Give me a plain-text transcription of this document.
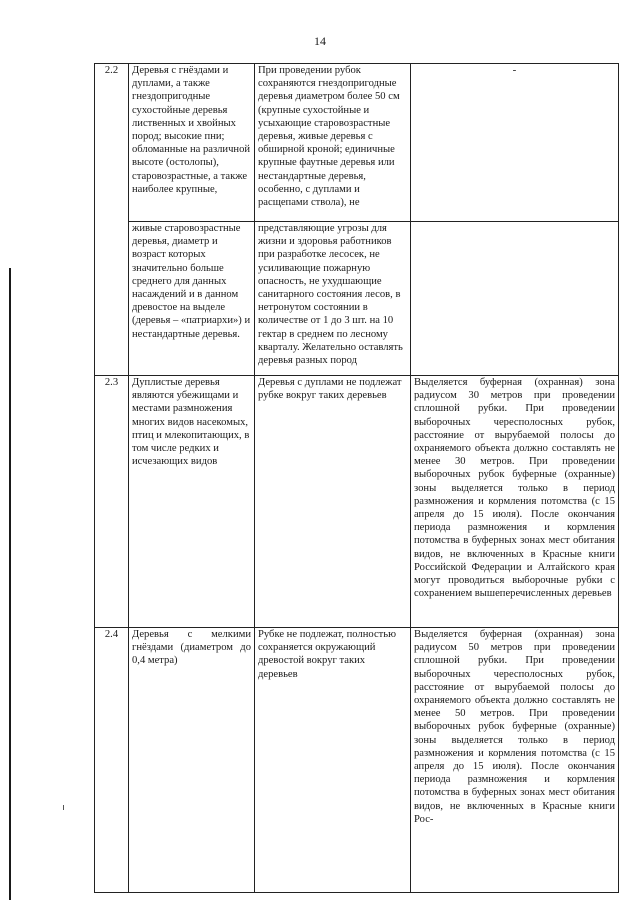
14
2.2	Деревья с гнёздами и дуплами, а также гнездопригодные сухостойные деревья лиственных и хвойных пород; высокие пни; обломанные на различной высоте (остолопы), старовозрастные, а также наиболее крупные,	При проведении рубок сохраняются гнездопригодные деревья диаметром более 50 см (крупные сухостойные и усыхающие старовозрастные деревья, живые деревья с обширной кроной; единичные крупные фаутные деревья или нестандартные деревья, особенно, с дуплами и расщепами ствола), не	-

	живые старовозрастные деревья, диаметр и возраст которых значительно больше среднего для данных насаждений и в данном древостое на выделе (деревья – «патриархи») и нестандартные деревья.	представляющие угрозы для жизни и здоровья работников при разработке лесосек, не усиливающие пожарную опасность, не ухудшающие санитарного состояния лесов, в нетронутом состоянии в количестве от 1 до 3 шт. на 10 гектар в среднем по лесному кварталу. Желательно оставлять деревья разных пород	

2.3	Дуплистые деревья являются убежищами и местами размножения многих видов насекомых, птиц и млекопитающих, в том числе редких и исчезающих видов	Деревья с дуплами не подлежат рубке вокруг таких деревьев	Выделяется буферная (охранная) зона радиусом 30 метров при проведении сплошной рубки. При проведении выборочных чересполосных рубок, расстояние от вырубаемой полосы до охраняемого объекта должно составлять не менее 30 метров. При проведении выборочных рубок буферные (охранные) зоны выделяется только в период размножения и кормления потомства (с 15 апреля до 15 июля). После окончания периода размножения и кормления потомства в буферных зонах мест обитания видов, не включенных в Красные книги Российской Федерации и Алтайского края могут проводиться выборочные рубки с сохранением вышеперечисленных деревьев

2.4	Деревья с мелкими гнёздами (диаметром до 0,4 метра)	Рубке не подлежат, полностью сохраняется окружающий древостой вокруг таких деревьев	Выделяется буферная (охранная) зона радиусом 50 метров при проведении сплошной рубки. При проведении выборочных чересполосных рубок, расстояние от вырубаемой полосы до охраняемого объекта должно составлять не менее 50 метров. При проведении выборочных рубок буферные (охранные) зоны выделяется только в период размножения и кормления потомства (с 15 апреля до 15 июля). После окончания периода размножения и кормления потомства в буферных зонах мест обитания видов, не включенных в Красные книги Рос-
